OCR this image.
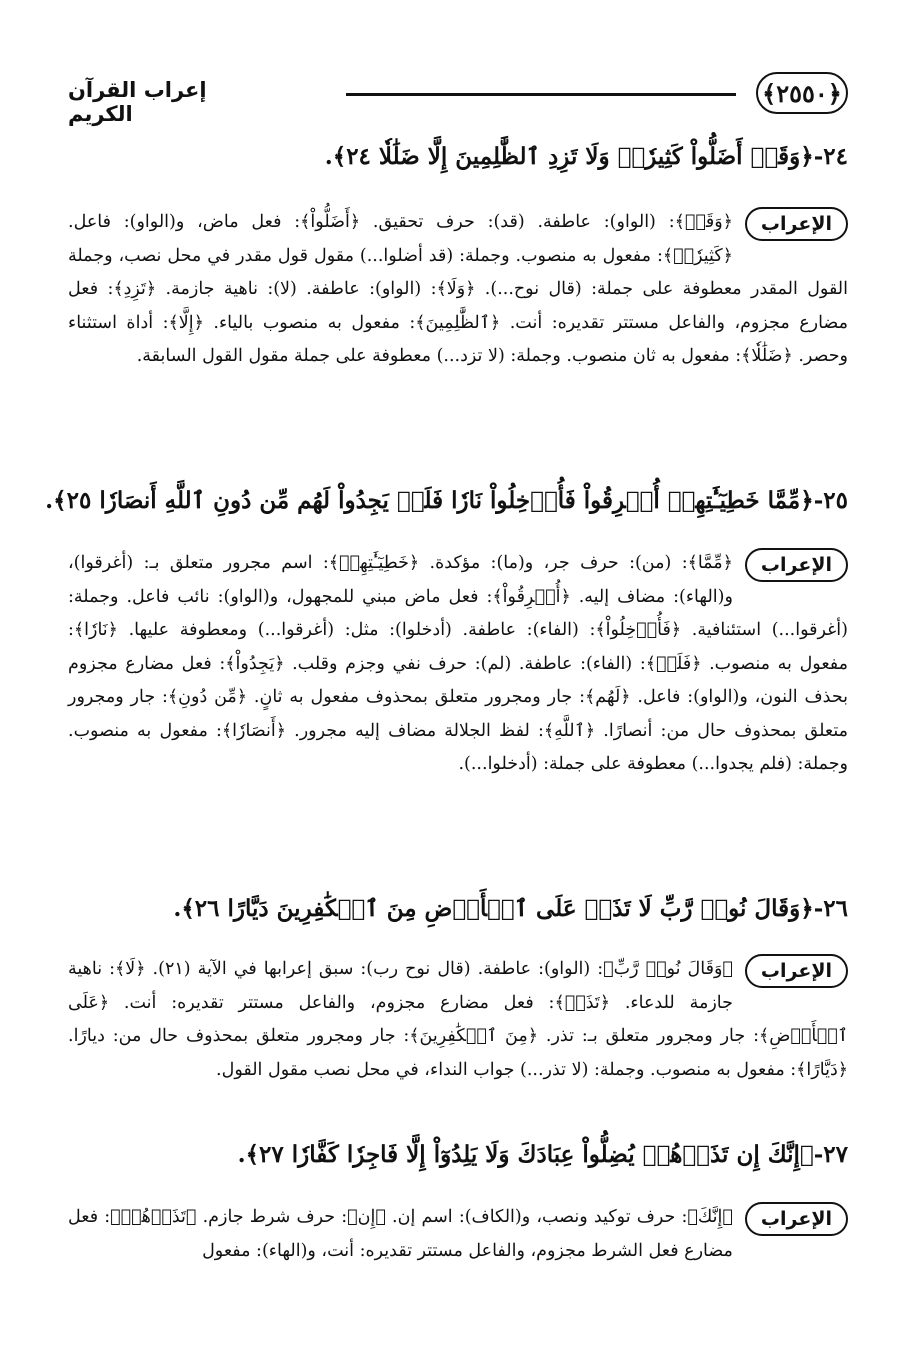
﴿٢٥٥٠﴾
إعراب القرآن الكريم
٢٤-﴿وَقَدۡ أَضَلُّواْ كَثِيرٗاۖ وَلَا تَزِدِ ٱلظَّٰلِمِينَ إِلَّا ضَلَٰلٗا ٢٤﴾.
الإعراب
﴿وَقَدۡ﴾: (الواو): عاطفة. (قد): حرف تحقيق. ﴿أَضَلُّواْ﴾: فعل ماض، و(الواو): فاعل. ﴿كَثِيرٗاۖ﴾: مفعول به منصوب. وجملة: (قد أضلوا...) مقول قول مقدر في محل نصب، وجملة القول المقدر معطوفة على جملة: (قال نوح...). ﴿وَلَا﴾: (الواو): عاطفة. (لا): ناهية جازمة. ﴿تَزِدِ﴾: فعل مضارع مجزوم، والفاعل مستتر تقديره: أنت. ﴿ٱلظَّٰلِمِينَ﴾: مفعول به منصوب بالياء. ﴿إِلَّا﴾: أداة استثناء وحصر. ﴿ضَلَٰلٗا﴾: مفعول به ثان منصوب. وجملة: (لا تزد...) معطوفة على جملة مقول القول السابقة.
٢٥-﴿مِّمَّا خَطِيٓـَٰٔتِهِمۡ أُغۡرِقُواْ فَأُدۡخِلُواْ نَارٗا فَلَمۡ يَجِدُواْ لَهُم مِّن دُونِ ٱللَّهِ أَنصَارٗا ٢٥﴾.
الإعراب
﴿مِّمَّا﴾: (من): حرف جر، و(ما): مؤكدة. ﴿خَطِيٓـَٰٔتِهِمۡ﴾: اسم مجرور متعلق بـ: (أغرقوا)، و(الهاء): مضاف إليه. ﴿أُغۡرِقُواْ﴾: فعل ماض مبني للمجهول، و(الواو): نائب فاعل. وجملة: (أغرقوا...) استئنافية. ﴿فَأُدۡخِلُواْ﴾: (الفاء): عاطفة. (أدخلوا): مثل: (أغرقوا...) ومعطوفة عليها. ﴿نَارٗا﴾: مفعول به منصوب. ﴿فَلَمۡ﴾: (الفاء): عاطفة. (لم): حرف نفي وجزم وقلب. ﴿يَجِدُواْ﴾: فعل مضارع مجزوم بحذف النون، و(الواو): فاعل. ﴿لَهُم﴾: جار ومجرور متعلق بمحذوف مفعول به ثانٍ. ﴿مِّن دُونِ﴾: جار ومجرور متعلق بمحذوف حال من: أنصارًا. ﴿ٱللَّهِ﴾: لفظ الجلالة مضاف إليه مجرور. ﴿أَنصَارٗا﴾: مفعول به منصوب. وجملة: (فلم يجدوا...) معطوفة على جملة: (أدخلوا...).
٢٦-﴿وَقَالَ نُوحٞ رَّبِّ لَا تَذَرۡ عَلَى ٱلۡأَرۡضِ مِنَ ٱلۡكَٰفِرِينَ دَيَّارًا ٢٦﴾.
الإعراب
﴿وَقَالَ نُوحٞ رَّبِّ﴾: (الواو): عاطفة. (قال نوح رب): سبق إعرابها في الآية (٢١). ﴿لَا﴾: ناهية جازمة للدعاء. ﴿تَذَرۡ﴾: فعل مضارع مجزوم، والفاعل مستتر تقديره: أنت. ﴿عَلَى ٱلۡأَرۡضِ﴾: جار ومجرور متعلق بـ: تذر. ﴿مِنَ ٱلۡكَٰفِرِينَ﴾: جار ومجرور متعلق بمحذوف حال من: ديارًا. ﴿دَيَّارًا﴾: مفعول به منصوب. وجملة: (لا تذر...) جواب النداء، في محل نصب مقول القول.
٢٧-﴿إِنَّكَ إِن تَذَرۡهُمۡ يُضِلُّواْ عِبَادَكَ وَلَا يَلِدُوٓاْ إِلَّا فَاجِرٗا كَفَّارٗا ٢٧﴾.
الإعراب
﴿إِنَّكَ﴾: حرف توكيد ونصب، و(الكاف): اسم إن. ﴿إِن﴾: حرف شرط جازم. ﴿تَذَرۡهُمۡ﴾: فعل مضارع فعل الشرط مجزوم، والفاعل مستتر تقديره: أنت، و(الهاء): مفعول
